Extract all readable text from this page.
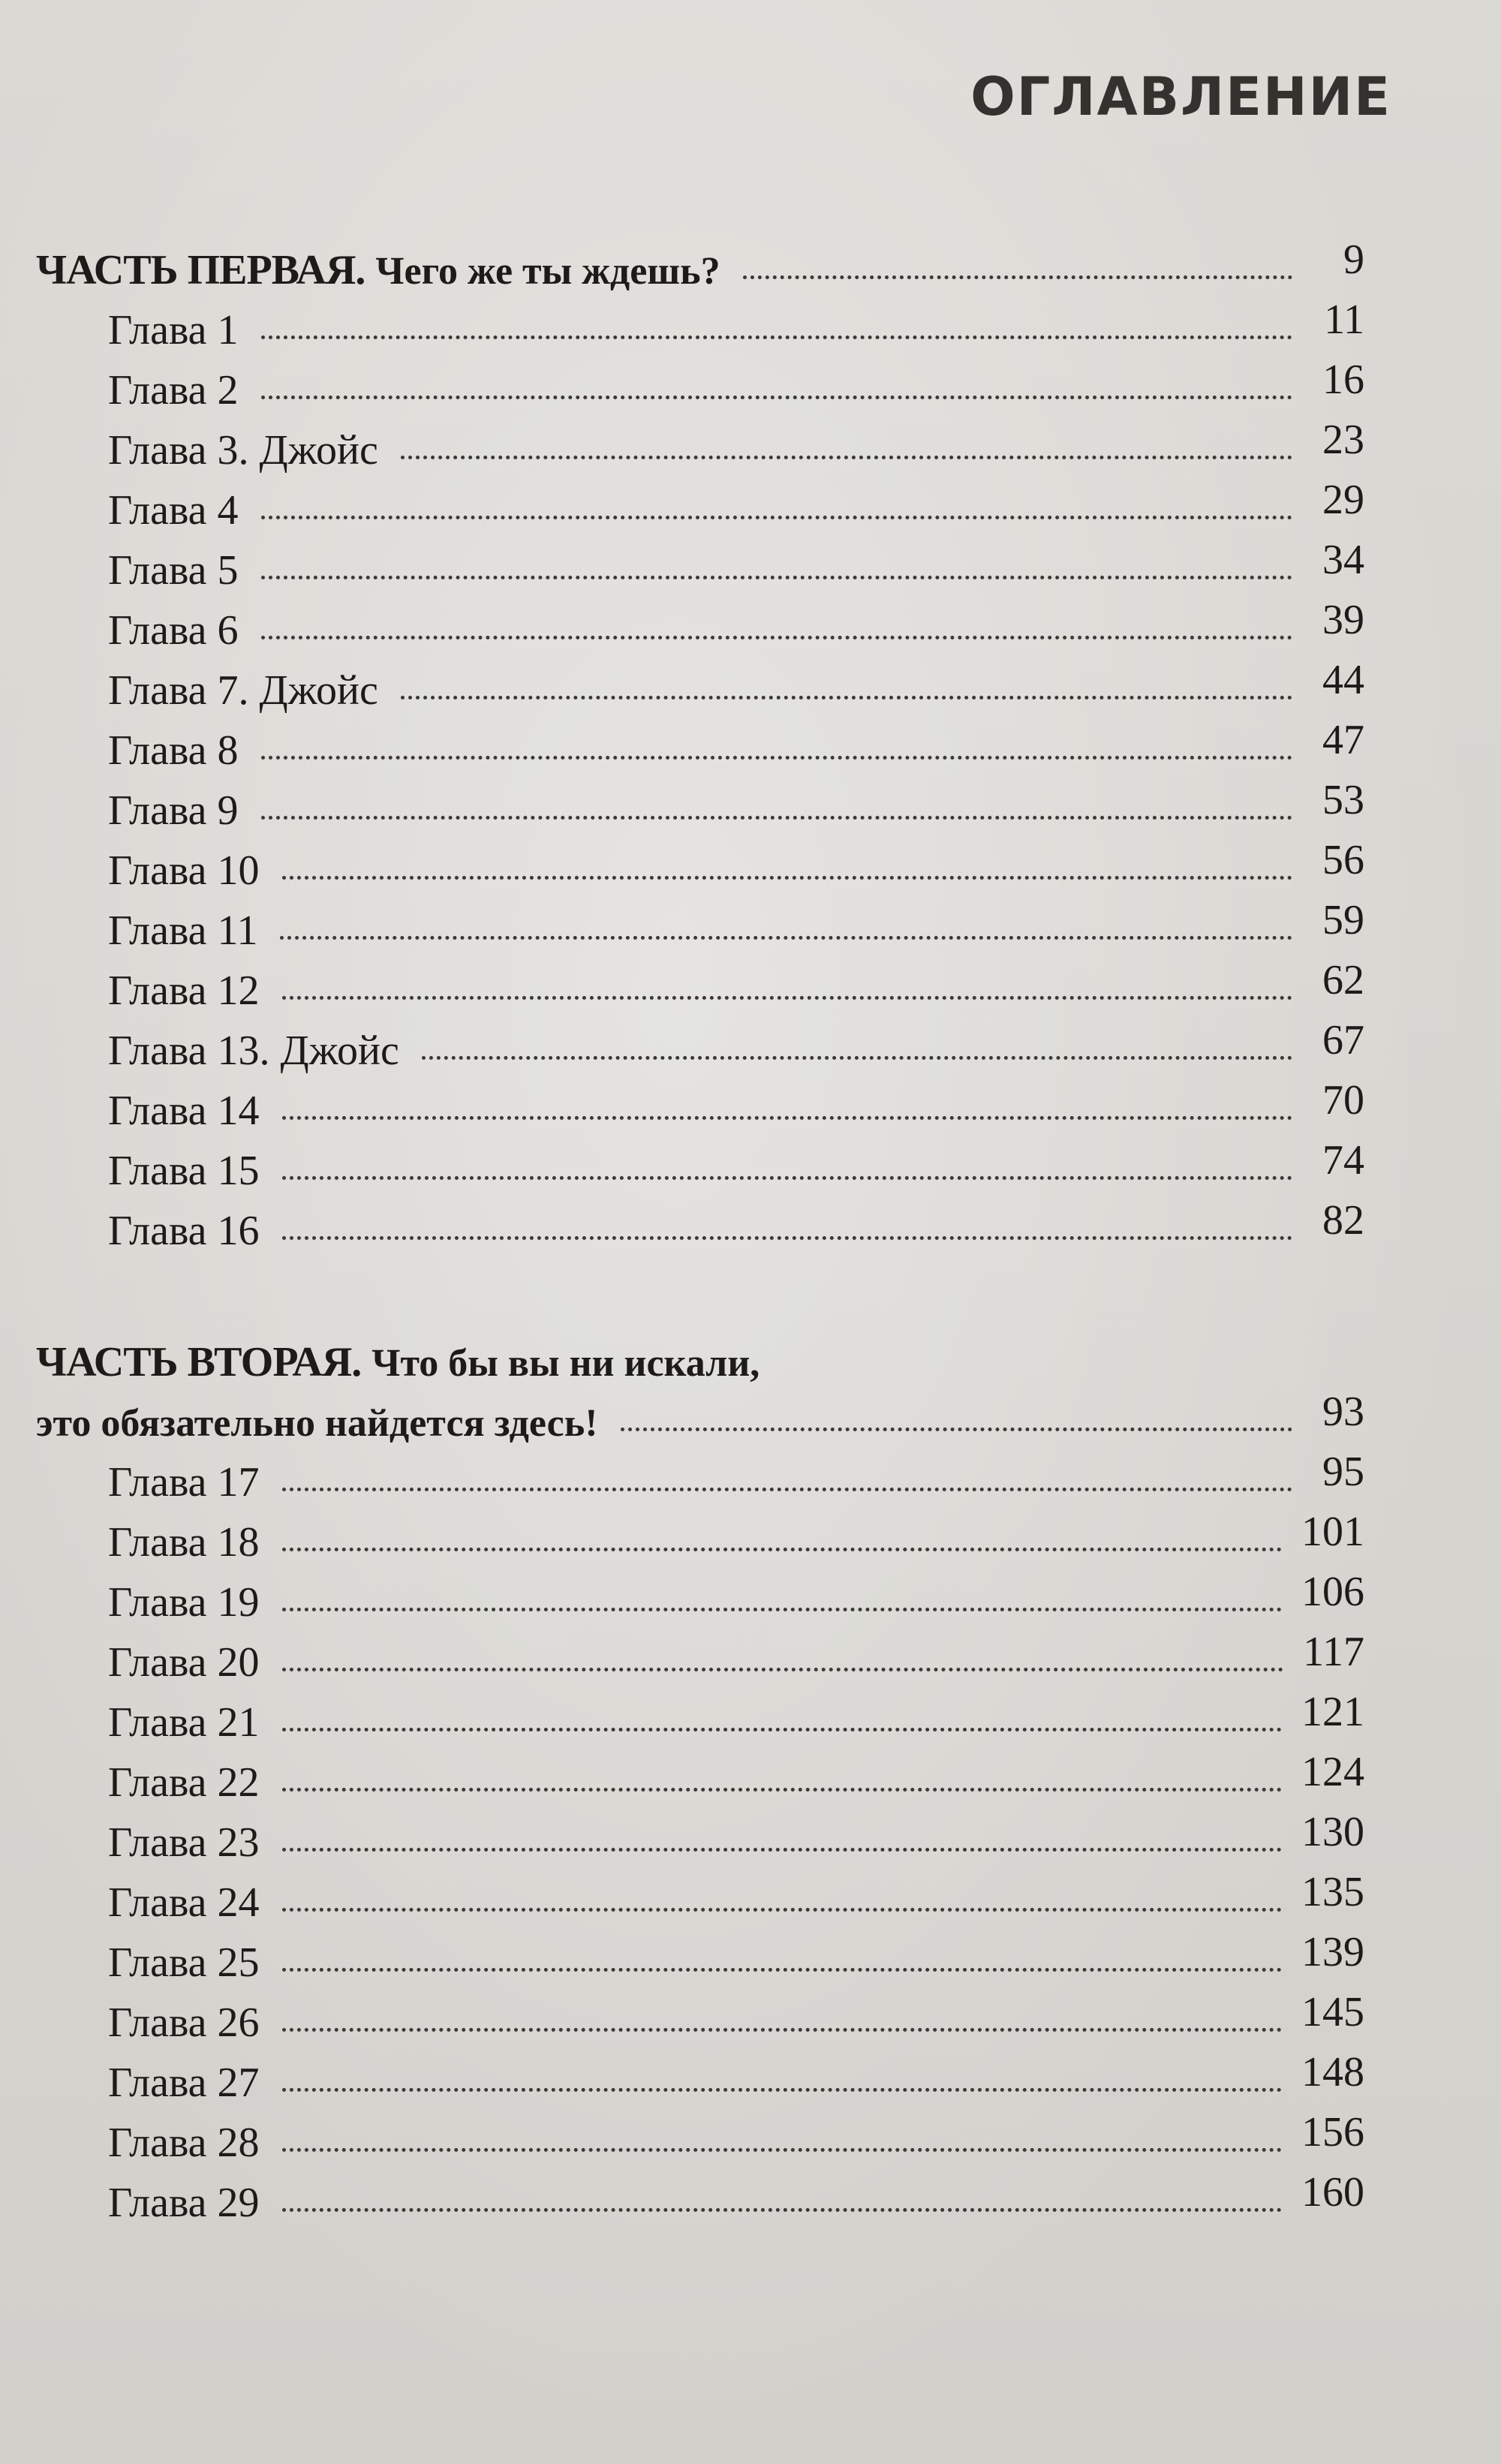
ОГЛАВЛЕНИЕ
ЧАСТЬ ПЕРВАЯ. Чего же ты ждешь?	9
Глава 1	11
Глава 2	16
Глава 3. Джойс	23
Глава 4	29
Глава 5	34
Глава 6	39
Глава 7. Джойс	44
Глава 8	47
Глава 9	53
Глава 10	56
Глава 11	59
Глава 12	62
Глава 13. Джойс	67
Глава 14	70
Глава 15	74
Глава 16	82
ЧАСТЬ ВТОРАЯ. Что бы вы ни искали,
это обязательно найдется здесь!	93
Глава 17	95
Глава 18	101
Глава 19	106
Глава 20	117
Глава 21	121
Глава 22	124
Глава 23	130
Глава 24	135
Глава 25	139
Глава 26	145
Глава 27	148
Глава 28	156
Глава 29	160
